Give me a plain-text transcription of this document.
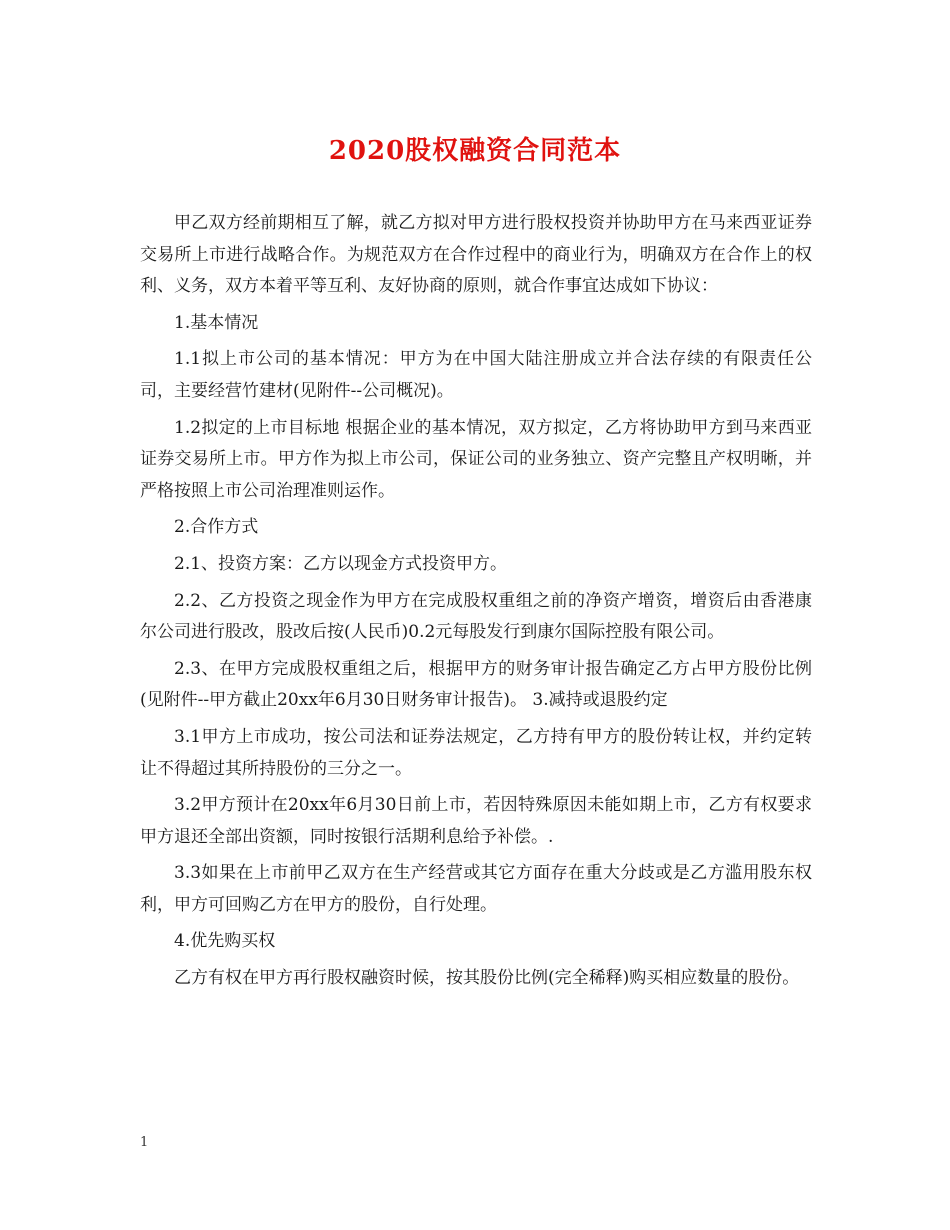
2020股权融资合同范本

甲乙双方经前期相互了解，就乙方拟对甲方进行股权投资并协助甲方在马来西亚证券交易所上市进行战略合作。为规范双方在合作过程中的商业行为，明确双方在合作上的权利、义务，双方本着平等互利、友好协商的原则，就合作事宜达成如下协议：

1.基本情况

1.1拟上市公司的基本情况：甲方为在中国大陆注册成立并合法存续的有限责任公司，主要经营竹建材(见附件--公司概况)。

1.2拟定的上市目标地 根据企业的基本情况，双方拟定，乙方将协助甲方到马来西亚证券交易所上市。甲方作为拟上市公司，保证公司的业务独立、资产完整且产权明晰，并严格按照上市公司治理准则运作。

2.合作方式

2.1、投资方案：乙方以现金方式投资甲方。

2.2、乙方投资之现金作为甲方在完成股权重组之前的净资产增资，增资后由香港康尔公司进行股改，股改后按(人民币)0.2元每股发行到康尔国际控股有限公司。

2.3、在甲方完成股权重组之后，根据甲方的财务审计报告确定乙方占甲方股份比例(见附件--甲方截止20xx年6月30日财务审计报告)。 3.减持或退股约定

3.1甲方上市成功，按公司法和证券法规定，乙方持有甲方的股份转让权，并约定转让不得超过其所持股份的三分之一。

3.2甲方预计在20xx年6月30日前上市，若因特殊原因未能如期上市，乙方有权要求甲方退还全部出资额，同时按银行活期利息给予补偿。.

3.3如果在上市前甲乙双方在生产经营或其它方面存在重大分歧或是乙方滥用股东权利，甲方可回购乙方在甲方的股份，自行处理。

4.优先购买权

乙方有权在甲方再行股权融资时候，按其股份比例(完全稀释)购买相应数量的股份。

1
